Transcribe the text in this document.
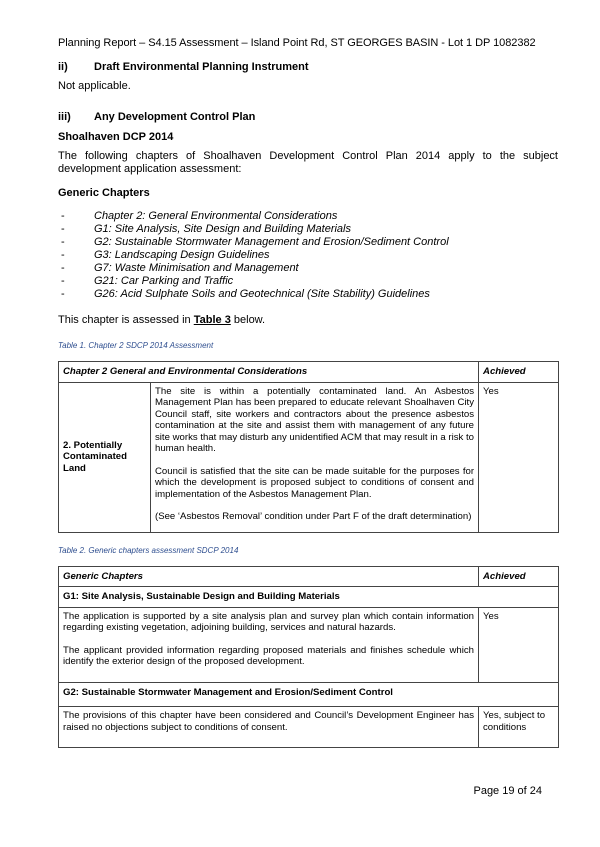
Planning Report – S4.15 Assessment – Island Point Rd, ST GEORGES BASIN - Lot 1 DP 1082382
ii)	Draft Environmental Planning Instrument

Not applicable.

iii)	Any Development Control Plan

Shoalhaven DCP 2014

The following chapters of Shoalhaven Development Control Plan 2014 apply to the subject development application assessment:

Generic Chapters

-	Chapter 2: General Environmental Considerations
-	G1: Site Analysis, Site Design and Building Materials
-	G2: Sustainable Stormwater Management and Erosion/Sediment Control
-	G3: Landscaping Design Guidelines
-	G7: Waste Minimisation and Management
-	G21: Car Parking and Traffic
-	G26: Acid Sulphate Soils and Geotechnical (Site Stability) Guidelines

This chapter is assessed in Table 3 below.

Table 1. Chapter 2 SDCP 2014 Assessment

Chapter 2 General and Environmental Considerations		Achieved
2. Potentially Contaminated Land	The site is within a potentially contaminated land. An Asbestos Management Plan has been prepared to educate relevant Shoalhaven City Council staff, site workers and contractors about the presence asbestos contamination at the site and assist them with management of any future site works that may disturb any unidentified ACM that may result in a risk to human health.

Council is satisfied that the site can be made suitable for the purposes for which the development is proposed subject to conditions of consent and implementation of the Asbestos Management Plan.

(See ‘Asbestos Removal’ condition under Part F of the draft determination)	Yes

Table 2. Generic chapters assessment SDCP 2014

Generic Chapters	Achieved
G1: Site Analysis, Sustainable Design and Building Materials	

The application is supported by a site analysis plan and survey plan which contain information regarding existing vegetation, adjoining building, services and natural hazards.

The applicant provided information regarding proposed materials and finishes schedule which identify the exterior design of the proposed development.	Yes
G2: Sustainable Stormwater Management and Erosion/Sediment Control	

The provisions of this chapter have been considered and Council’s Development Engineer has raised no objections subject to conditions of consent.	Yes, subject to conditions
Page 19 of 24
